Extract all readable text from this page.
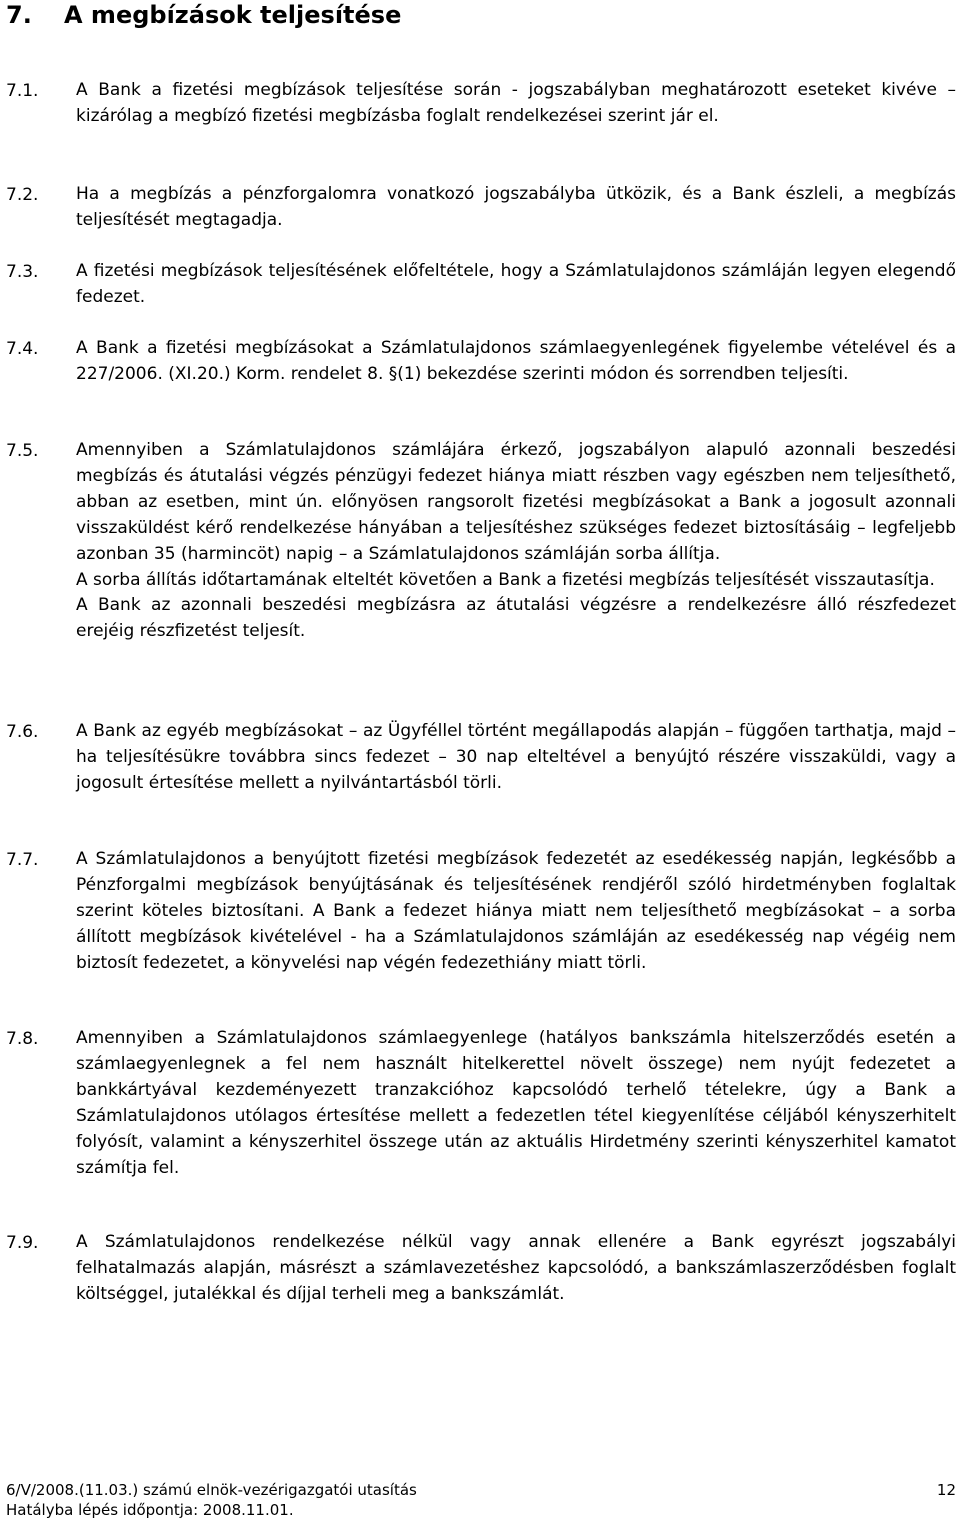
7. A megbízások teljesítése
7.1. A Bank a fizetési megbízások teljesítése során - jogszabályban meghatározott eseteket kivéve – kizárólag a megbízó fizetési megbízásba foglalt rendelkezései szerint jár el.

7.2. Ha a megbízás a pénzforgalomra vonatkozó jogszabályba ütközik, és a Bank észleli, a megbízás teljesítését megtagadja.

7.3. A fizetési megbízások teljesítésének előfeltétele, hogy a Számlatulajdonos számláján legyen elegendő fedezet.

7.4. A Bank a fizetési megbízásokat a Számlatulajdonos számlaegyenlegének figyelembe vételével és a 227/2006. (XI.20.) Korm. rendelet 8. §(1) bekezdése szerinti módon és sorrendben teljesíti.

7.5. Amennyiben a Számlatulajdonos számlájára érkező, jogszabályon alapuló azonnali beszedési megbízás és átutalási végzés pénzügyi fedezet hiánya miatt részben vagy egészben nem teljesíthető, abban az esetben, mint ún. előnyösen rangsorolt fizetési megbízásokat a Bank a jogosult azonnali visszaküldést kérő rendelkezése hányában a teljesítéshez szükséges fedezet biztosításáig – legfeljebb azonban 35 (harmincöt) napig – a Számlatulajdonos számláján sorba állítja.

A sorba állítás időtartamának elteltét követően a Bank a fizetési megbízás teljesítését visszautasítja.

A Bank az azonnali beszedési megbízásra az átutalási végzésre a rendelkezésre álló részfedezet erejéig részfizetést teljesít.

7.6. A Bank az egyéb megbízásokat – az Ügyféllel történt megállapodás alapján – függően tarthatja, majd – ha teljesítésükre továbbra sincs fedezet – 30 nap elteltével a benyújtó részére visszaküldi, vagy a jogosult értesítése mellett a nyilvántartásból törli.

7.7. A Számlatulajdonos a benyújtott fizetési megbízások fedezetét az esedékesség napján, legkésőbb a Pénzforgalmi megbízások benyújtásának és teljesítésének rendjéről szóló hirdetményben foglaltak szerint köteles biztosítani. A Bank a fedezet hiánya miatt nem teljesíthető megbízásokat – a sorba állított megbízások kivételével - ha a Számlatulajdonos számláján az esedékesség nap végéig nem biztosít fedezetet, a könyvelési nap végén fedezethiány miatt törli.

7.8. Amennyiben a Számlatulajdonos számlaegyenlege (hatályos bankszámla hitelszerződés esetén a számlaegyenlegnek a fel nem használt hitelkerettel növelt összege) nem nyújt fedezetet a bankkártyával kezdeményezett tranzakcióhoz kapcsolódó terhelő tételekre, úgy a Bank a Számlatulajdonos utólagos értesítése mellett a fedezetlen tétel kiegyenlítése céljából kényszerhitelt folyósít, valamint a kényszerhitel összege után az aktuális Hirdetmény szerinti kényszerhitel kamatot számítja fel.

7.9. A Számlatulajdonos rendelkezése nélkül vagy annak ellenére a Bank egyrészt jogszabályi felhatalmazás alapján, másrészt a számlavezetéshez kapcsolódó, a bankszámlaszerződésben foglalt költséggel, jutalékkal és díjjal terheli meg a bankszámlát.

6/V/2008.(11.03.) számú elnök-vezérigazgatói utasítás	12
Hatályba lépés időpontja: 2008.11.01.
